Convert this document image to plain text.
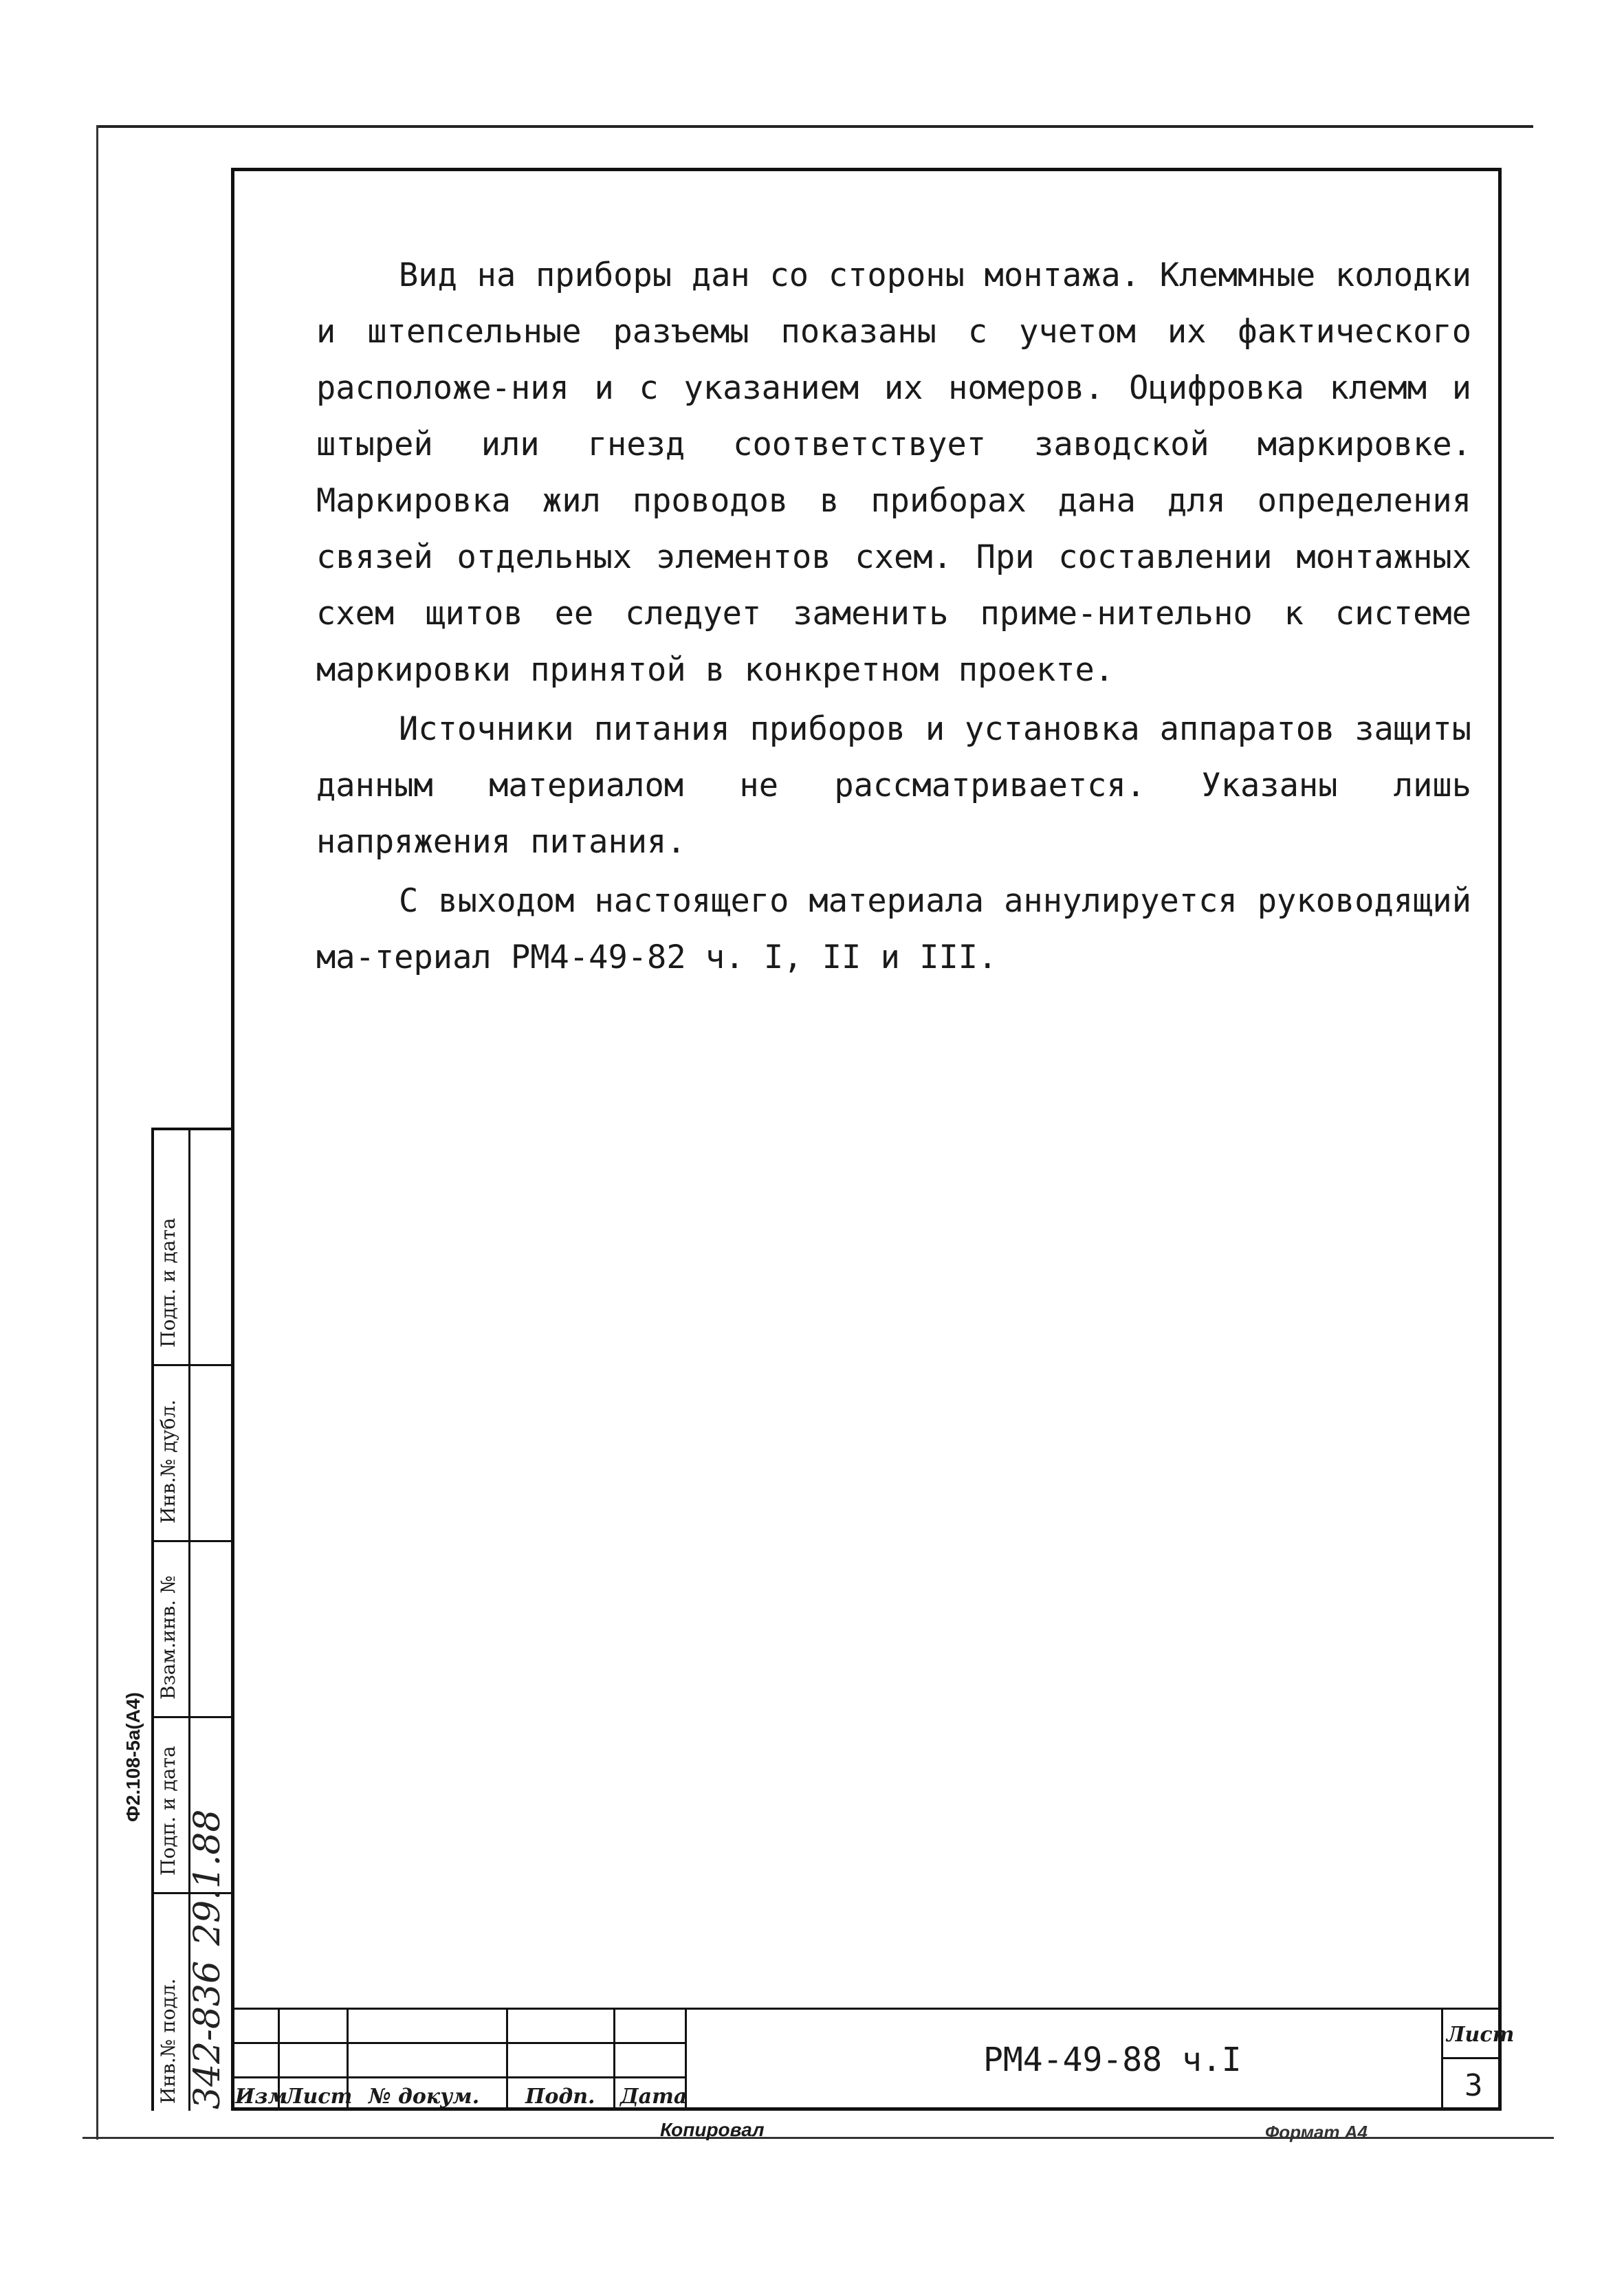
Вид на приборы дан со стороны монтажа. Клеммные колодки и штепсельные разъемы показаны с учетом их фактического расположе-ния и с указанием их номеров. Оцифровка клемм и штырей или гнезд соответствует заводской маркировке. Маркировка жил проводов в приборах дана для определения связей отдельных элементов схем. При составлении монтажных схем щитов ее следует заменить приме-нительно к системе маркировки принятой в конкретном проекте.

Источники питания приборов и установка аппаратов защиты данным материалом не рассматривается. Указаны лишь напряжения питания.

С выходом настоящего материала аннулируется руководящий ма-териал РМ4-49-82 ч. I, II и III.

Подп. и дата
Инв.№ дубл.
Взам.инв. №
Подп. и дата
Инв.№ подл. 342-836
29.1.88
Ф2.108-5а(А4)
Изм
Лист № докум. Подп. Дата
РМ4-49-88 ч.I
Лист
3
Копировал	Формат А4
